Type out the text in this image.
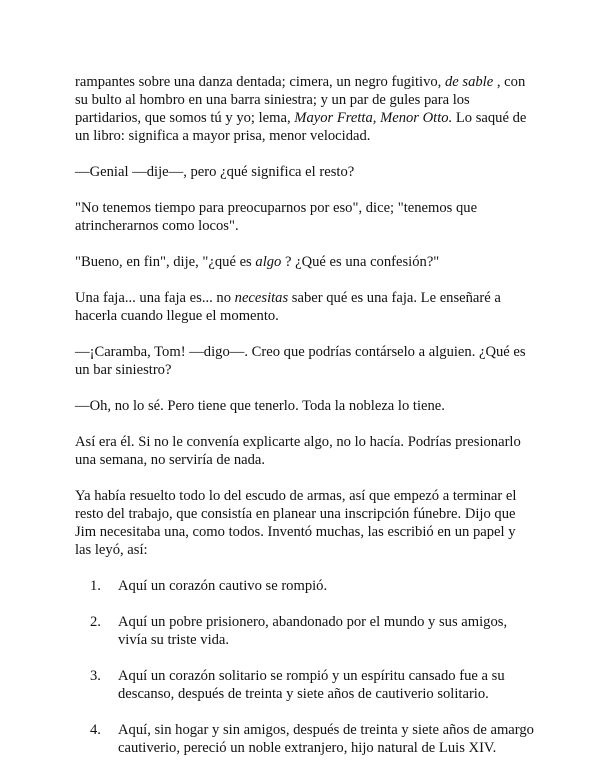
rampantes sobre una danza dentada; cimera, un negro fugitivo, de sable , con su bulto al hombro en una barra siniestra; y un par de gules para los partidarios, que somos tú y yo; lema, Mayor Fretta, Menor Otto. Lo saqué de un libro: significa a mayor prisa, menor velocidad.

—Genial —dije—, pero ¿qué significa el resto?

"No tenemos tiempo para preocuparnos por eso", dice; "tenemos que atrincherarnos como locos".

"Bueno, en fin", dije, "¿qué es algo ? ¿Qué es una confesión?"

Una faja... una faja es... no necesitas saber qué es una faja. Le enseñaré a hacerla cuando llegue el momento.

—¡Caramba, Tom! —digo—. Creo que podrías contárselo a alguien. ¿Qué es un bar siniestro?

—Oh, no lo sé. Pero tiene que tenerlo. Toda la nobleza lo tiene.

Así era él. Si no le convenía explicarte algo, no lo hacía. Podrías presionarlo una semana, no serviría de nada.

Ya había resuelto todo lo del escudo de armas, así que empezó a terminar el resto del trabajo, que consistía en planear una inscripción fúnebre. Dijo que Jim necesitaba una, como todos. Inventó muchas, las escribió en un papel y las leyó, así:

1. Aquí un corazón cautivo se rompió.
2. Aquí un pobre prisionero, abandonado por el mundo y sus amigos, vivía su triste vida.
3. Aquí un corazón solitario se rompió y un espíritu cansado fue a su descanso, después de treinta y siete años de cautiverio solitario.
4. Aquí, sin hogar y sin amigos, después de treinta y siete años de amargo cautiverio, pereció un noble extranjero, hijo natural de Luis XIV.
